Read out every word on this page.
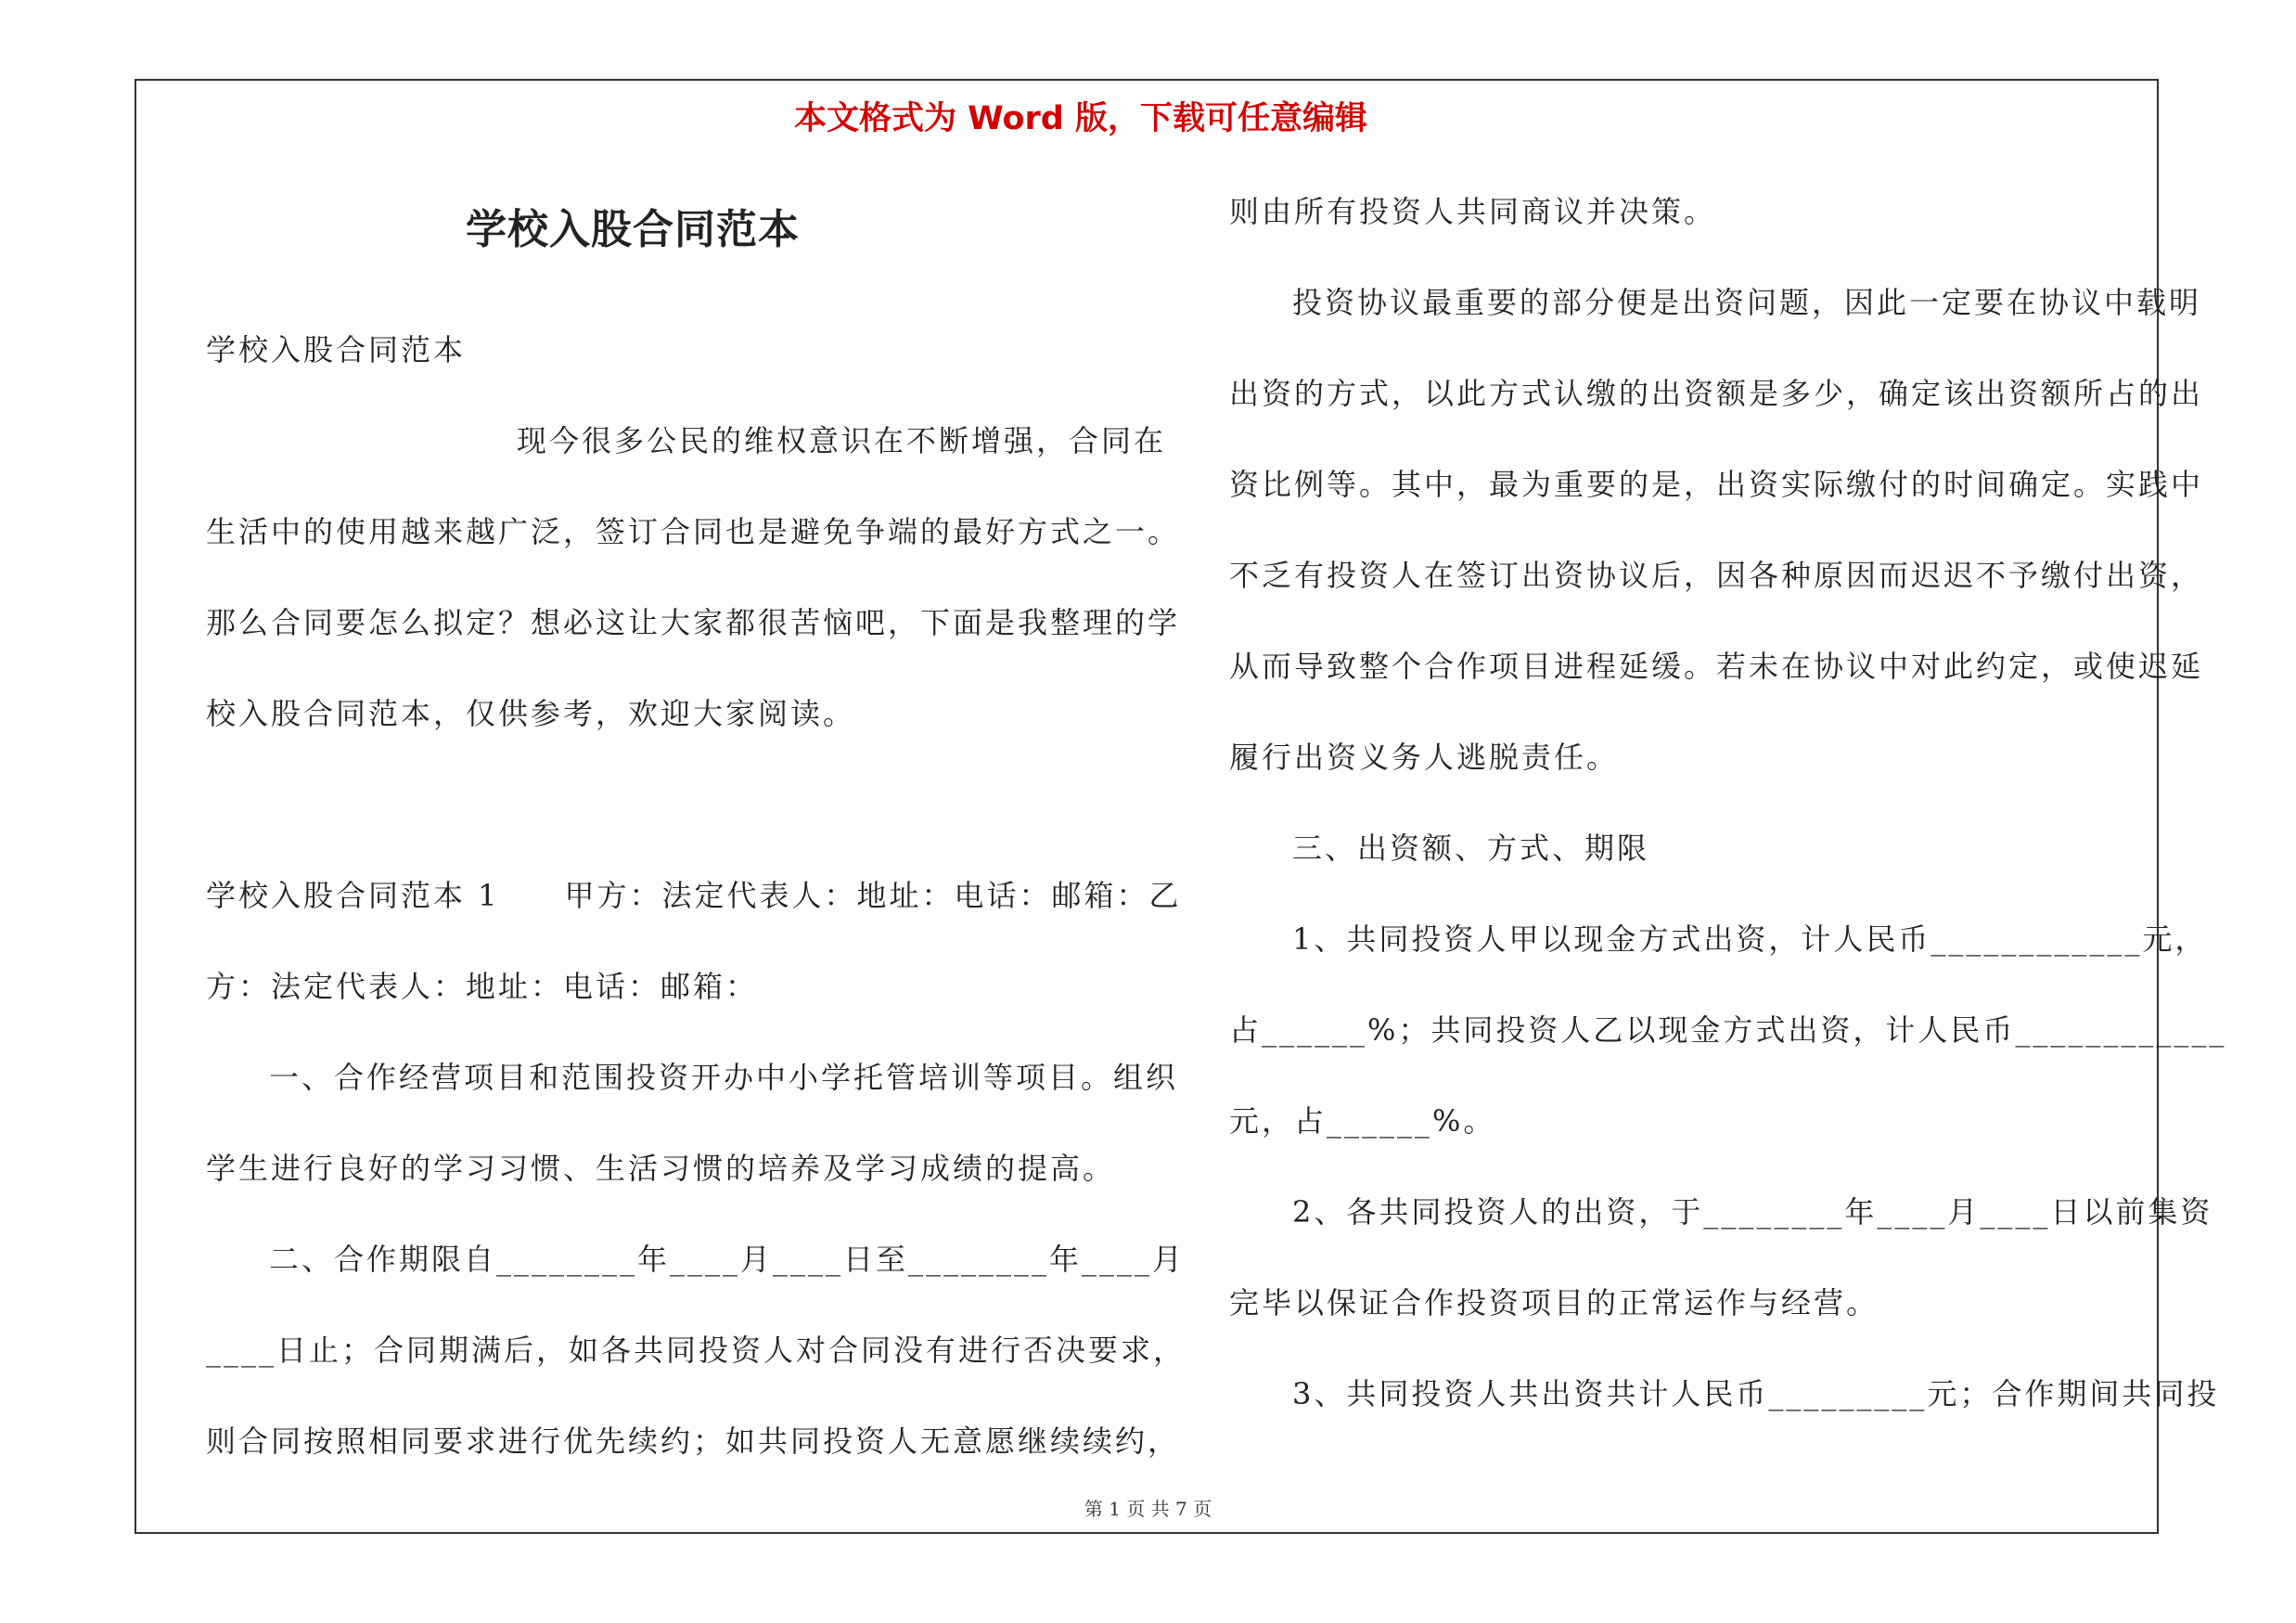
本文格式为 Word 版，下载可任意编辑
学校入股合同范本
学校入股合同范本
现今很多公民的维权意识在不断增强，合同在
生活中的使用越来越广泛，签订合同也是避免争端的最好方式之一。
那么合同要怎么拟定？想必这让大家都很苦恼吧，下面是我整理的学
校入股合同范本，仅供参考，欢迎大家阅读。
学校入股合同范本 1　　甲方：法定代表人：地址：电话：邮箱：乙
方：法定代表人：地址：电话：邮箱：
一、合作经营项目和范围投资开办中小学托管培训等项目。组织
学生进行良好的学习习惯、生活习惯的培养及学习成绩的提高。
二、合作期限自________年____月____日至________年____月
____日止；合同期满后，如各共同投资人对合同没有进行否决要求，
则合同按照相同要求进行优先续约；如共同投资人无意愿继续续约，
则由所有投资人共同商议并决策。
投资协议最重要的部分便是出资问题，因此一定要在协议中载明
出资的方式，以此方式认缴的出资额是多少，确定该出资额所占的出
资比例等。其中，最为重要的是，出资实际缴付的时间确定。实践中
不乏有投资人在签订出资协议后，因各种原因而迟迟不予缴付出资，
从而导致整个合作项目进程延缓。若未在协议中对此约定，或使迟延
履行出资义务人逃脱责任。
三、出资额、方式、期限
1、共同投资人甲以现金方式出资，计人民币____________元，
占______%；共同投资人乙以现金方式出资，计人民币____________
元，占______%。
2、各共同投资人的出资，于________年____月____日以前集资
完毕以保证合作投资项目的正常运作与经营。
3、共同投资人共出资共计人民币_________元；合作期间共同投
第 1 页 共 7 页
